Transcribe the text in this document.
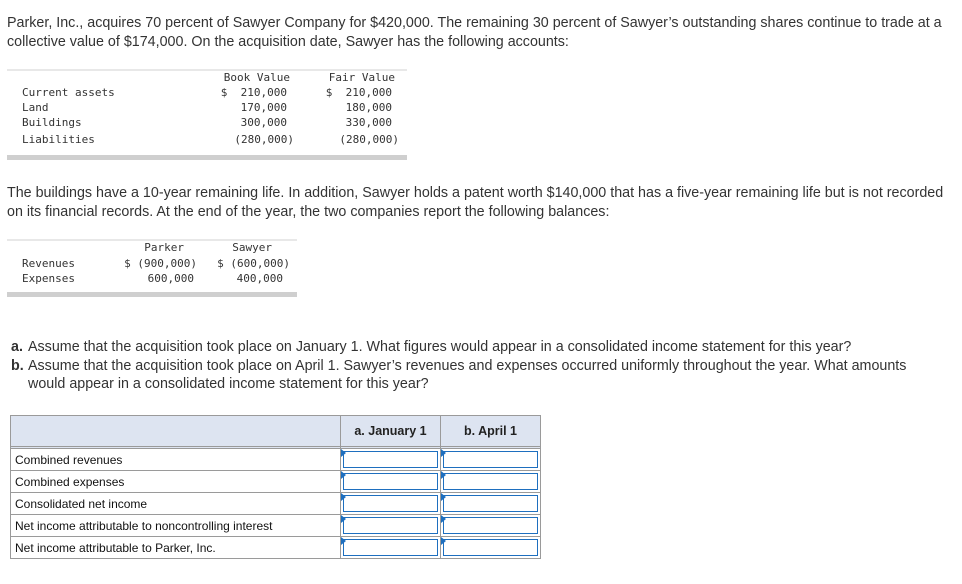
Parker, Inc., acquires 70 percent of Sawyer Company for $420,000. The remaining 30 percent of Sawyer’s outstanding shares continue to trade at a collective value of $174,000. On the acquisition date, Sawyer has the following accounts:
Book Value	Fair Value
Current assets	$  210,000	$  210,000
Land	170,000	180,000
Buildings	300,000	330,000
Liabilities	(280,000)	(280,000)
The buildings have a 10-year remaining life. In addition, Sawyer holds a patent worth $140,000 that has a five-year remaining life but is not recorded on its financial records. At the end of the year, the two companies report the following balances:
Parker	Sawyer
Revenues	$ (900,000)	$ (600,000)
Expenses	600,000	400,000
a. Assume that the acquisition took place on January 1. What figures would appear in a consolidated income statement for this year?
b. Assume that the acquisition took place on April 1. Sawyer’s revenues and expenses occurred uniformly throughout the year. What amounts would appear in a consolidated income statement for this year?
	a. January 1	b. April 1

Combined revenues	

Combined expenses	

Consolidated net income	

Net income attributable to noncontrolling interest	

Net income attributable to Parker, Inc.	
